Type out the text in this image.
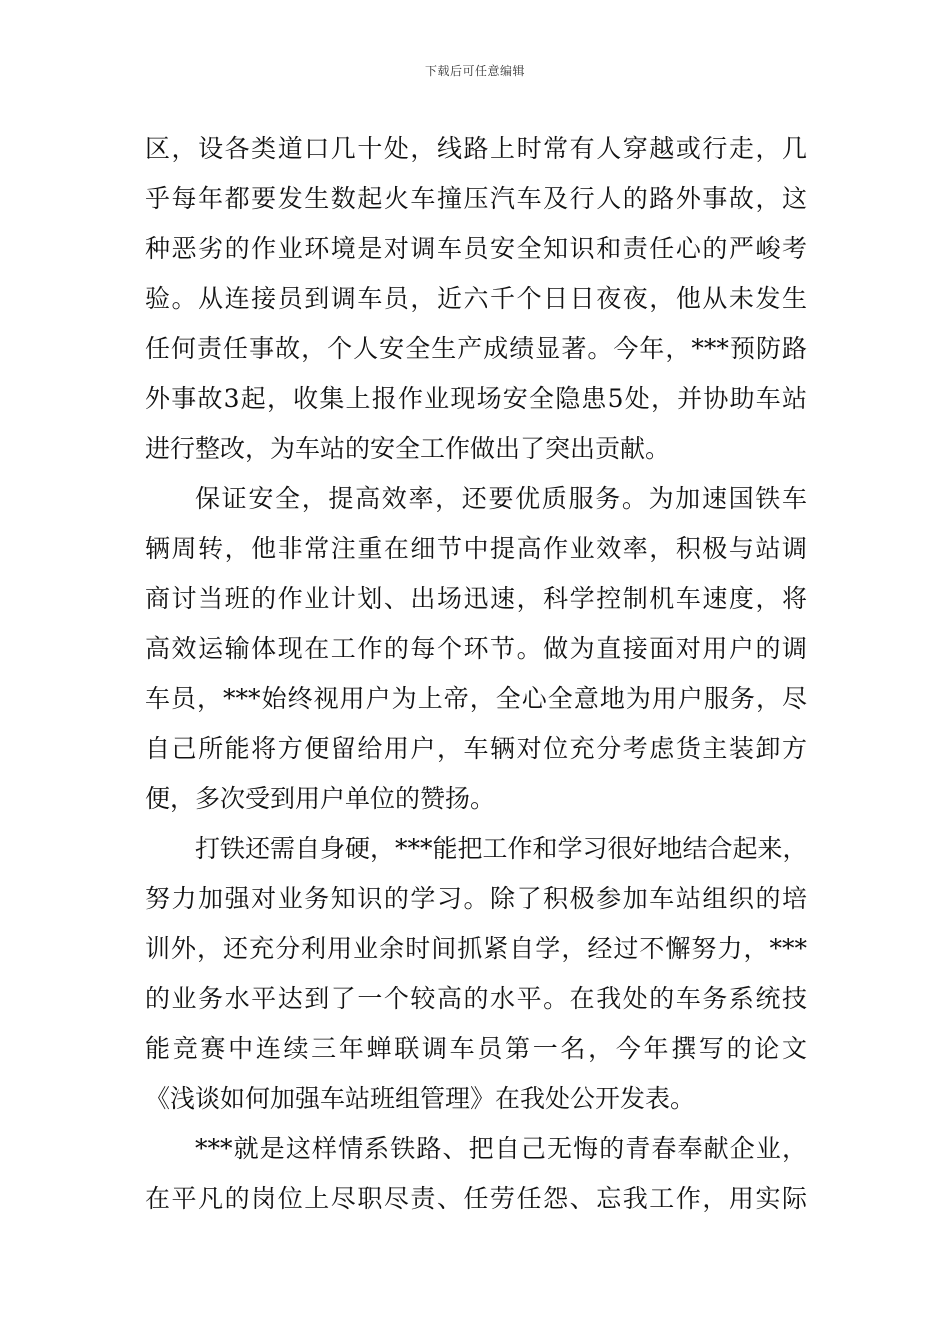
下载后可任意编辑
区，设各类道口几十处，线路上时常有人穿越或行走，几
乎每年都要发生数起火车撞压汽车及行人的路外事故，这
种恶劣的作业环境是对调车员安全知识和责任心的严峻考
验。从连接员到调车员，近六千个日日夜夜，他从未发生
任何责任事故，个人安全生产成绩显著。今年，***预防路
外事故3起，收集上报作业现场安全隐患5处，并协助车站
进行整改，为车站的安全工作做出了突出贡献。
保证安全，提高效率，还要优质服务。为加速国铁车
辆周转，他非常注重在细节中提高作业效率，积极与站调
商讨当班的作业计划、出场迅速，科学控制机车速度，将
高效运输体现在工作的每个环节。做为直接面对用户的调
车员，***始终视用户为上帝，全心全意地为用户服务，尽
自己所能将方便留给用户，车辆对位充分考虑货主装卸方
便，多次受到用户单位的赞扬。
打铁还需自身硬，***能把工作和学习很好地结合起来，
努力加强对业务知识的学习。除了积极参加车站组织的培
训外，还充分利用业余时间抓紧自学，经过不懈努力，***
的业务水平达到了一个较高的水平。在我处的车务系统技
能竞赛中连续三年蝉联调车员第一名，今年撰写的论文
《浅谈如何加强车站班组管理》在我处公开发表。
***就是这样情系铁路、把自己无悔的青春奉献企业，
在平凡的岗位上尽职尽责、任劳任怨、忘我工作，用实际
